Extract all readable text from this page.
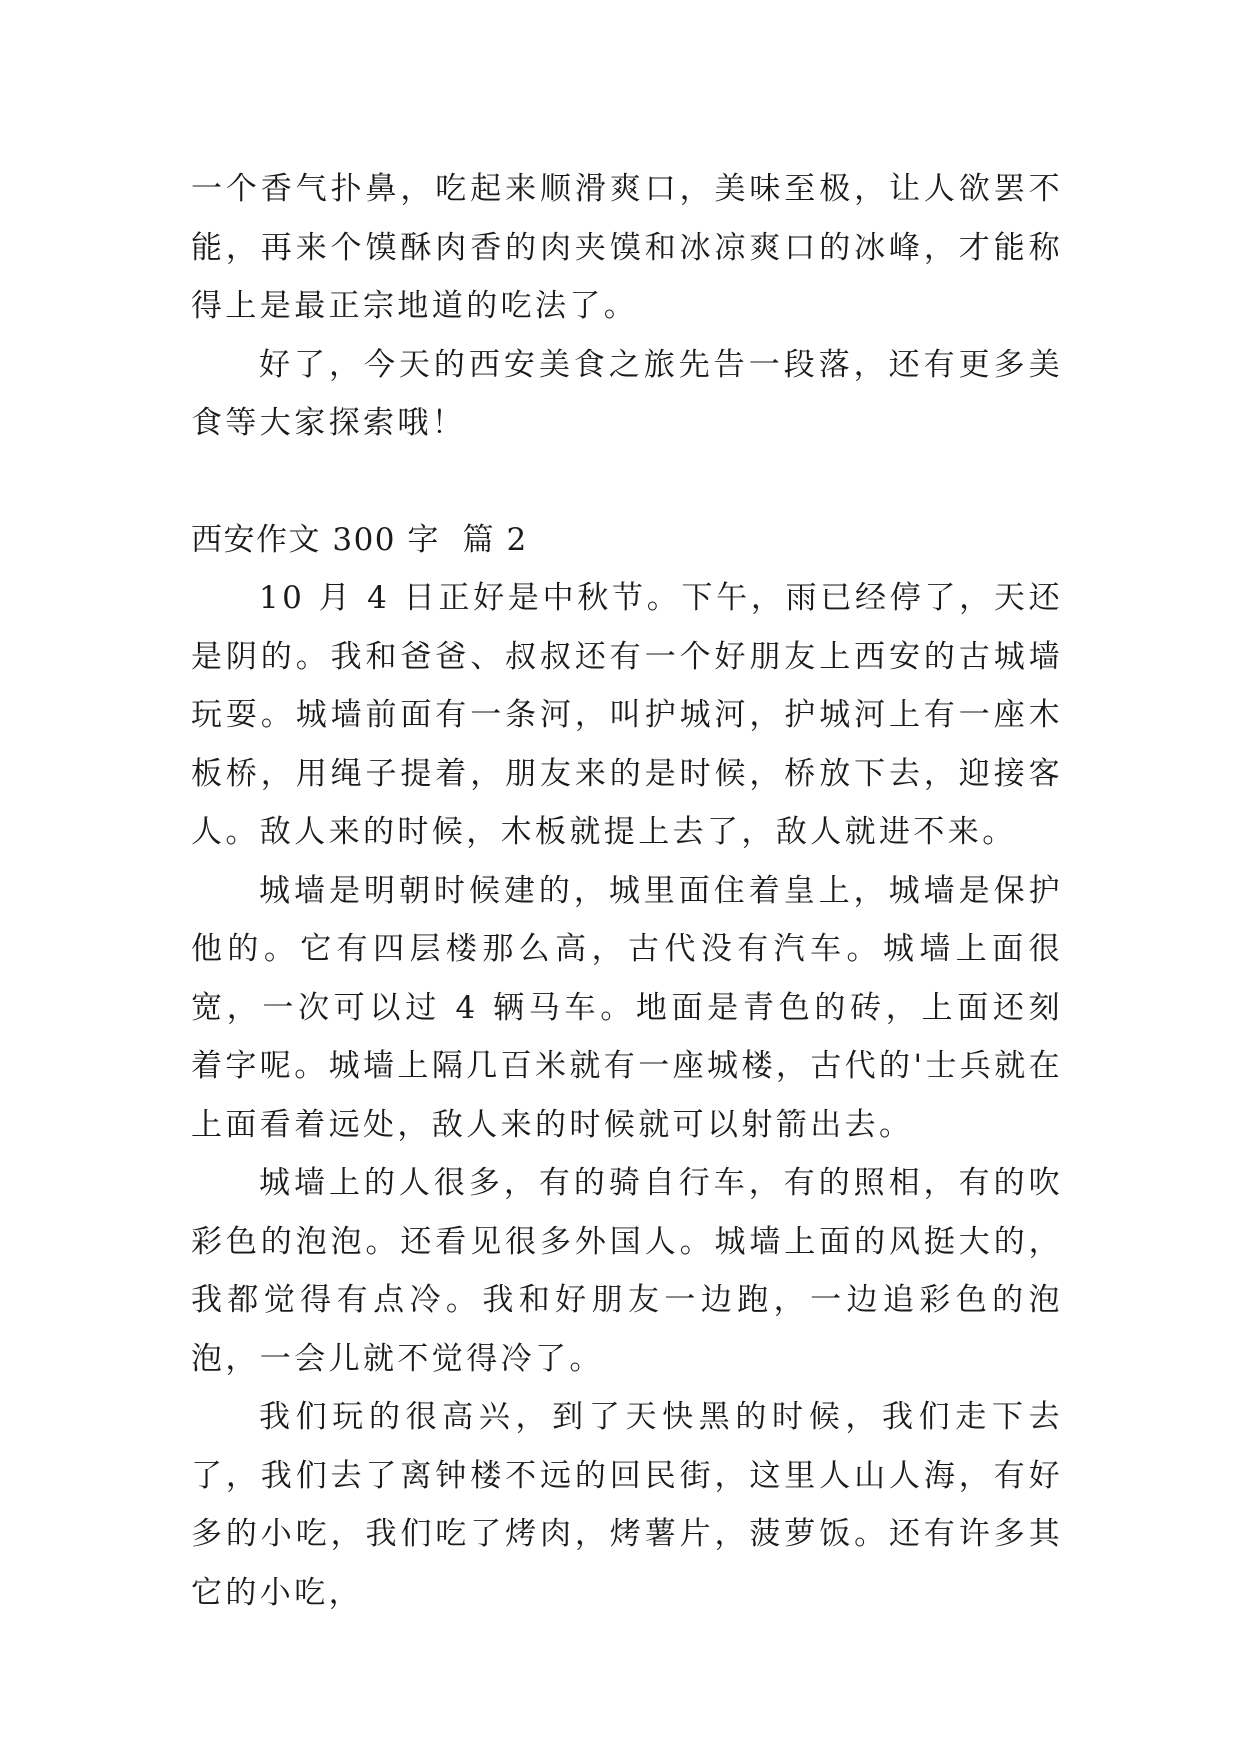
一个香气扑鼻，吃起来顺滑爽口，美味至极，让人欲罢不能，再来个馍酥肉香的肉夹馍和冰凉爽口的冰峰，才能称得上是最正宗地道的吃法了。

好了，今天的西安美食之旅先告一段落，还有更多美食等大家探索哦！

西安作文 300 字  篇 2

10 月 4 日正好是中秋节。下午，雨已经停了，天还是阴的。我和爸爸、叔叔还有一个好朋友上西安的古城墙玩耍。城墙前面有一条河，叫护城河，护城河上有一座木板桥，用绳子提着，朋友来的是时候，桥放下去，迎接客人。敌人来的时候，木板就提上去了，敌人就进不来。

城墙是明朝时候建的，城里面住着皇上，城墙是保护他的。它有四层楼那么高，古代没有汽车。城墙上面很宽，一次可以过 4 辆马车。地面是青色的砖，上面还刻着字呢。城墙上隔几百米就有一座城楼，古代的'士兵就在上面看着远处，敌人来的时候就可以射箭出去。

城墙上的人很多，有的骑自行车，有的照相，有的吹彩色的泡泡。还看见很多外国人。城墙上面的风挺大的，我都觉得有点冷。我和好朋友一边跑，一边追彩色的泡泡，一会儿就不觉得冷了。

我们玩的很高兴，到了天快黑的时候，我们走下去了，我们去了离钟楼不远的回民街，这里人山人海，有好多的小吃，我们吃了烤肉，烤薯片，菠萝饭。还有许多其它的小吃，
